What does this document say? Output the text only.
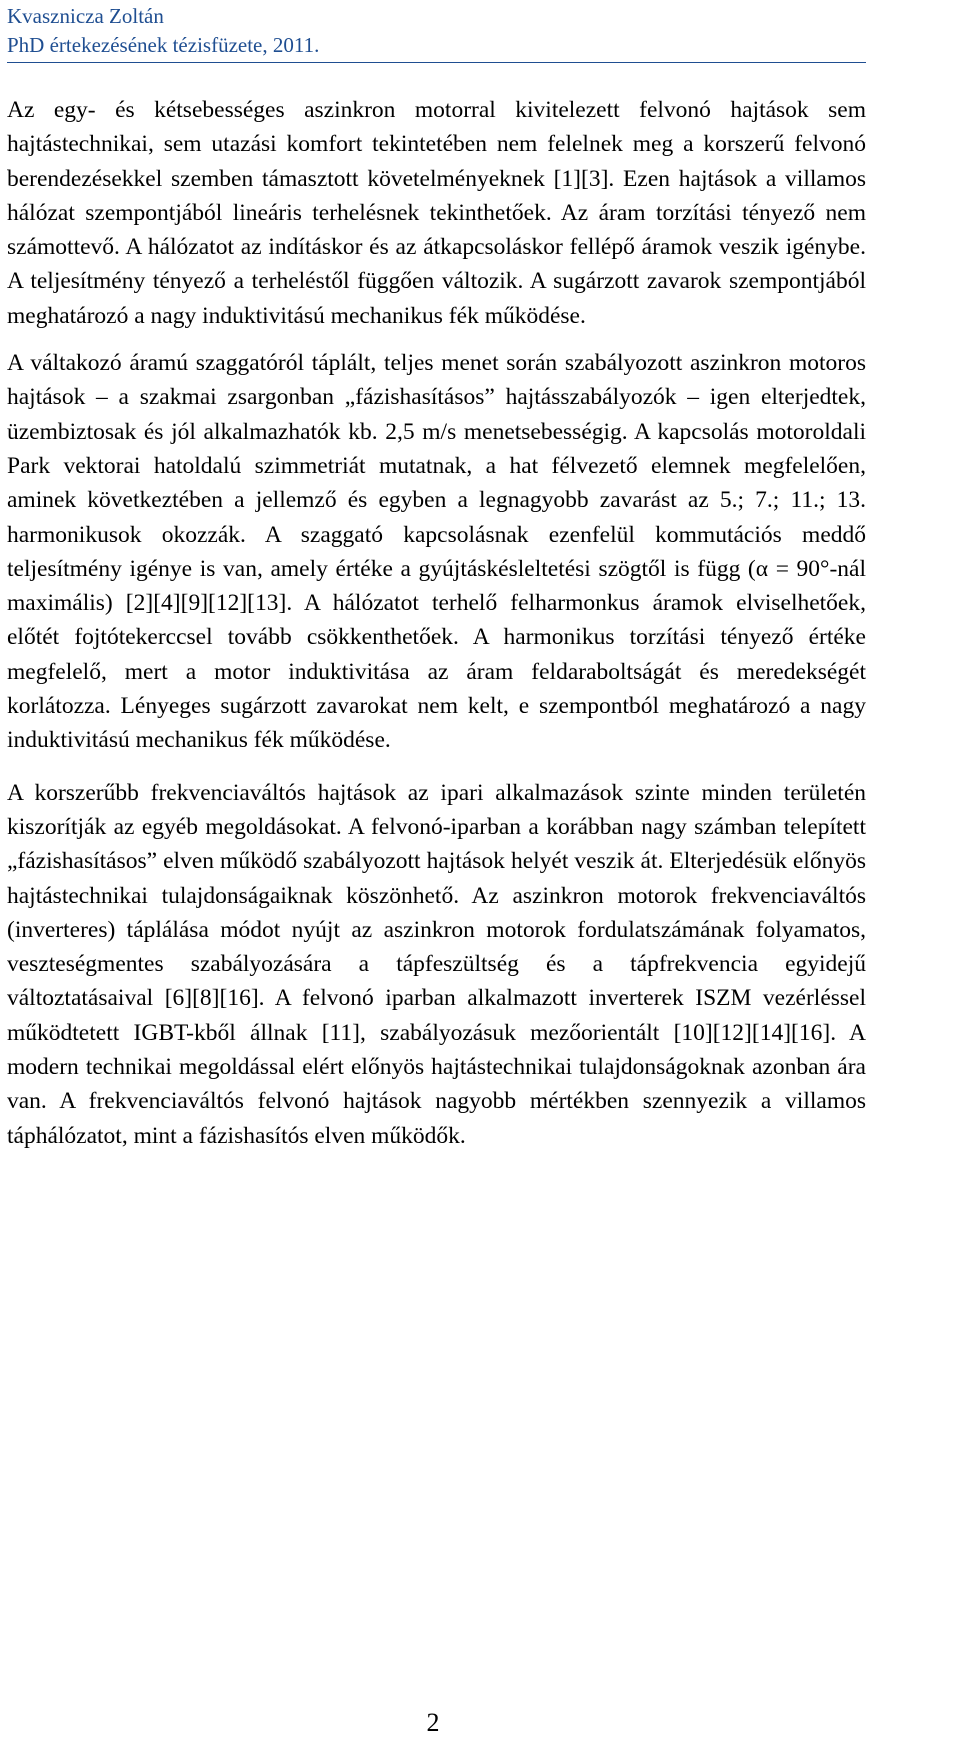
Kvasznicza Zoltán
PhD értekezésének tézisfüzete, 2011.

Az egy- és kétsebességes aszinkron motorral kivitelezett felvonó hajtások sem hajtástechnikai, sem utazási komfort tekintetében nem felelnek meg a korszerű felvonó berendezésekkel szemben támasztott követelményeknek [1][3]. Ezen hajtások a villamos hálózat szempontjából lineáris terhelésnek tekinthetőek. Az áram torzítási tényező nem számottevő. A hálózatot az indításkor és az átkapcsoláskor fellépő áramok veszik igénybe. A teljesítmény tényező a terheléstől függően változik. A sugárzott zavarok szempontjából meghatározó a nagy induktivitású mechanikus fék működése.

A váltakozó áramú szaggatóról táplált, teljes menet során szabályozott aszinkron motoros hajtások – a szakmai zsargonban „fázishasításos” hajtásszabályozók – igen elterjedtek, üzembiztosak és jól alkalmazhatók kb. 2,5 m/s menetsebességig. A kapcsolás motoroldali Park vektorai hatoldalú szimmetriát mutatnak, a hat félvezető elemnek megfelelően, aminek következtében a jellemző és egyben a legnagyobb zavarást az 5.; 7.; 11.; 13. harmonikusok okozzák. A szaggató kapcsolásnak ezenfelül kommutációs meddő teljesítmény igénye is van, amely értéke a gyújtáskésleltetési szögtől is függ (α = 90°-nál maximális) [2][4][9][12][13]. A hálózatot terhelő felharmonkus áramok elviselhetőek, előtét fojtótekerccsel tovább csökkenthetőek. A harmonikus torzítási tényező értéke megfelelő, mert a motor induktivitása az áram feldaraboltságát és meredekségét korlátozza. Lényeges sugárzott zavarokat nem kelt, e szempontból meghatározó a nagy induktivitású mechanikus fék működése.

A korszerűbb frekvenciaváltós hajtások az ipari alkalmazások szinte minden területén kiszorítják az egyéb megoldásokat. A felvonó-iparban a korábban nagy számban telepített „fázishasításos” elven működő szabályozott hajtások helyét veszik át. Elterjedésük előnyös hajtástechnikai tulajdonságaiknak köszönhető. Az aszinkron motorok frekvenciaváltós (inverteres) táplálása módot nyújt az aszinkron motorok fordulatszámának folyamatos, veszteségmentes szabályozására a tápfeszültség és a tápfrekvencia egyidejű változtatásaival [6][8][16]. A felvonó iparban alkalmazott inverterek ISZM vezérléssel működtetett IGBT-kből állnak [11], szabályozásuk mezőorientált [10][12][14][16]. A modern technikai megoldással elért előnyös hajtástechnikai tulajdonságoknak azonban ára van. A frekvenciaváltós felvonó hajtások nagyobb mértékben szennyezik a villamos táphálózatot, mint a fázishasítós elven működők.

2
